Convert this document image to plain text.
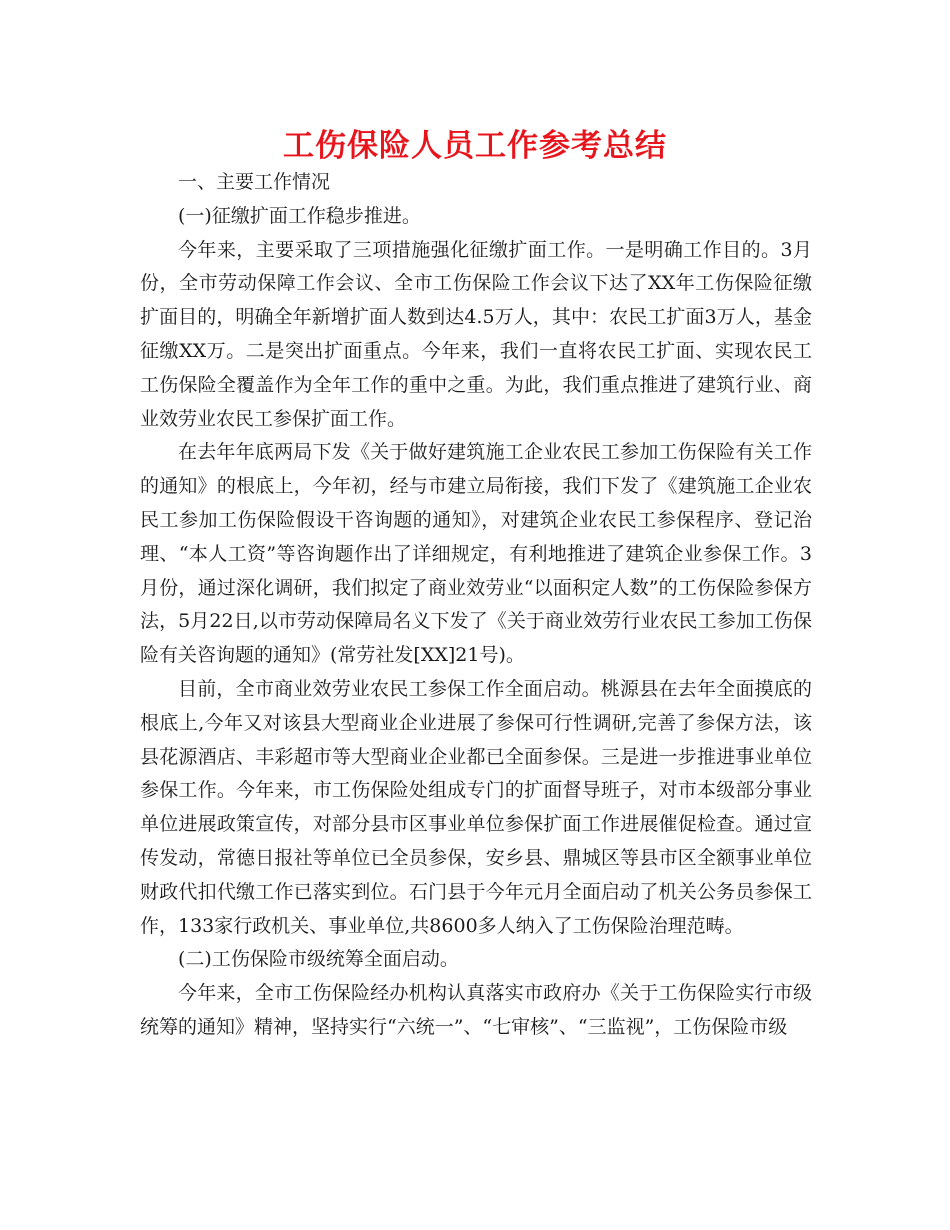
工伤保险人员工作参考总结

一、主要工作情况

(一)征缴扩面工作稳步推进。

今年来，主要采取了三项措施强化征缴扩面工作。一是明确工作目的。3月份，全市劳动保障工作会议、全市工伤保险工作会议下达了XX年工伤保险征缴扩面目的，明确全年新增扩面人数到达4.5万人，其中：农民工扩面3万人，基金征缴XX万。二是突出扩面重点。今年来，我们一直将农民工扩面、实现农民工工伤保险全覆盖作为全年工作的重中之重。为此，我们重点推进了建筑行业、商业效劳业农民工参保扩面工作。

在去年年底两局下发《关于做好建筑施工企业农民工参加工伤保险有关工作的通知》的根底上，今年初，经与市建立局衔接，我们下发了《建筑施工企业农民工参加工伤保险假设干咨询题的通知》，对建筑企业农民工参保程序、登记治理、“本人工资”等咨询题作出了详细规定，有利地推进了建筑企业参保工作。3月份，通过深化调研，我们拟定了商业效劳业“以面积定人数”的工伤保险参保方法，5月22日,以市劳动保障局名义下发了《关于商业效劳行业农民工参加工伤保险有关咨询题的通知》(常劳社发[XX]21号)。

目前，全市商业效劳业农民工参保工作全面启动。桃源县在去年全面摸底的根底上,今年又对该县大型商业企业进展了参保可行性调研,完善了参保方法，该县花源酒店、丰彩超市等大型商业企业都已全面参保。三是进一步推进事业单位参保工作。今年来，市工伤保险处组成专门的扩面督导班子，对市本级部分事业单位进展政策宣传，对部分县市区事业单位参保扩面工作进展催促检查。通过宣传发动，常德日报社等单位已全员参保，安乡县、鼎城区等县市区全额事业单位财政代扣代缴工作已落实到位。石门县于今年元月全面启动了机关公务员参保工作，133家行政机关、事业单位,共8600多人纳入了工伤保险治理范畴。

(二)工伤保险市级统筹全面启动。

今年来，全市工伤保险经办机构认真落实市政府办《关于工伤保险实行市级统筹的通知》精神，坚持实行“六统一”、“七审核”、“三监视”，工伤保险市级
